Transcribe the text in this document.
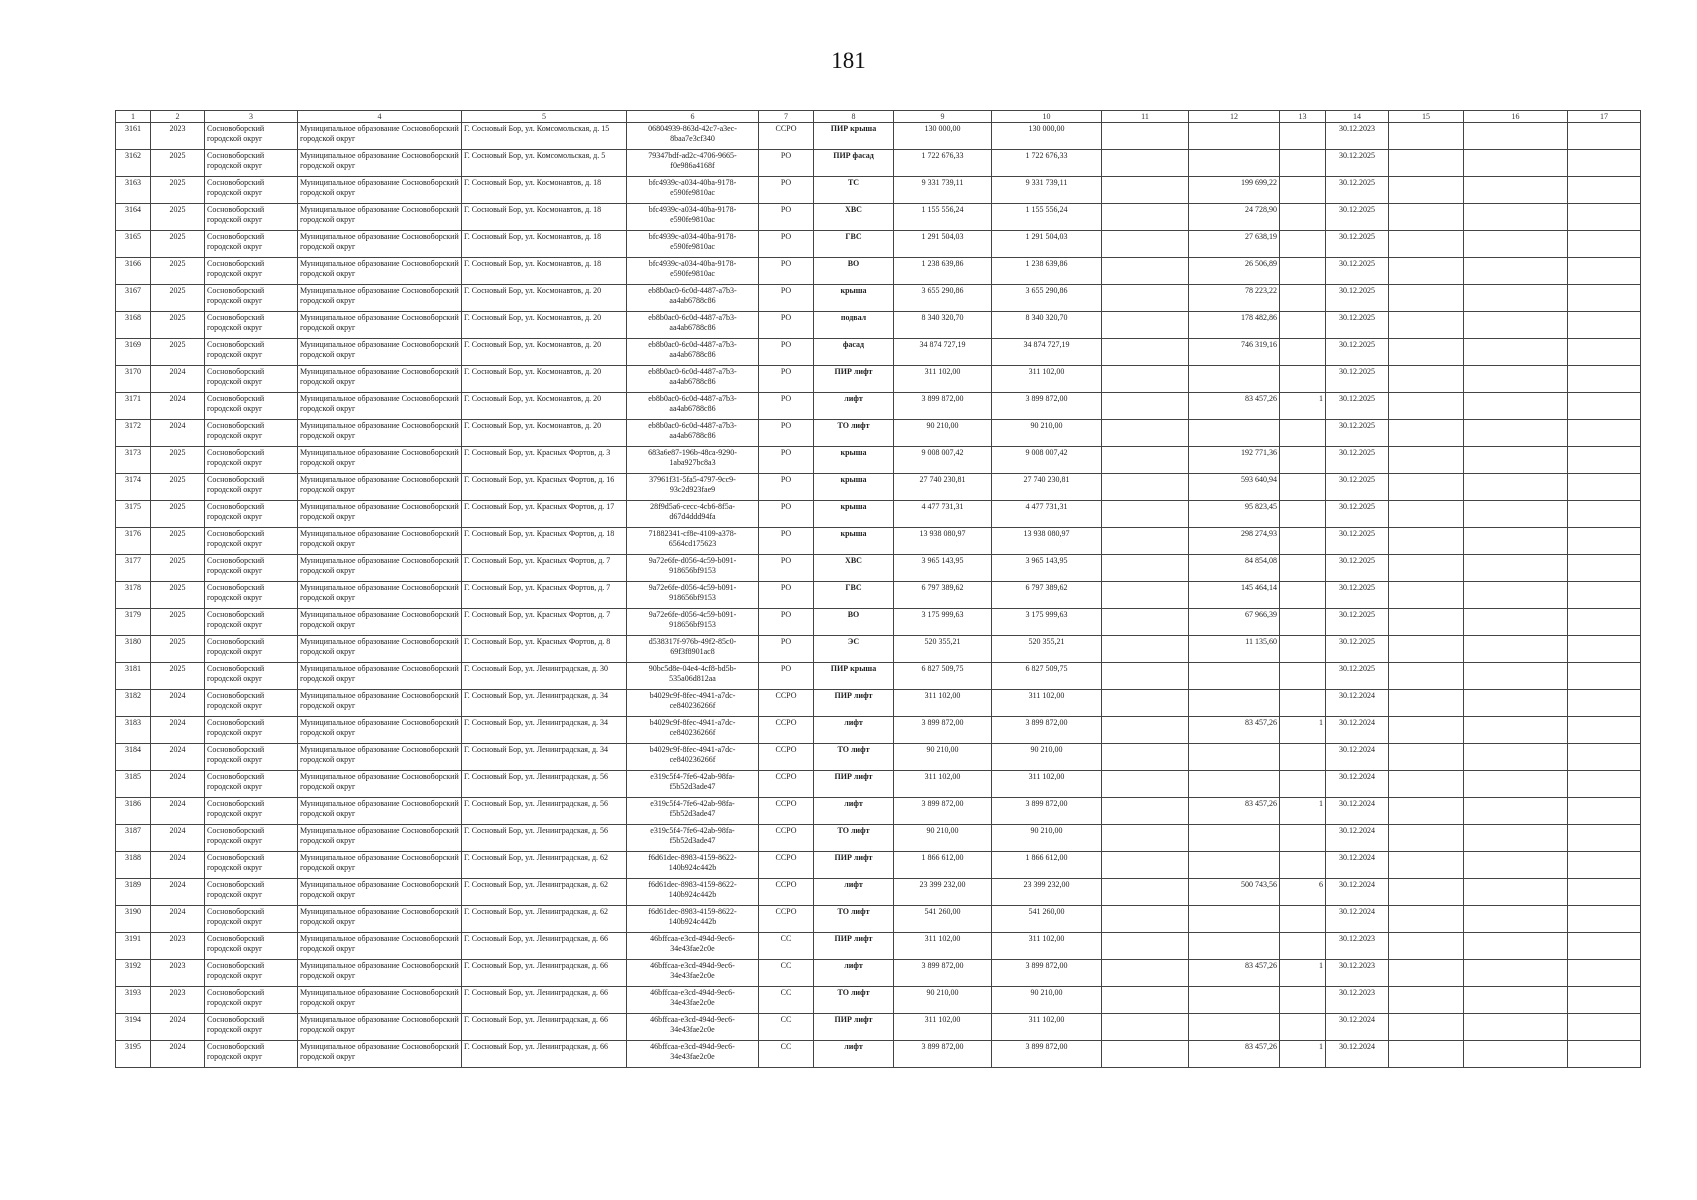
181
1	2	3	4	5	6	7	8	9	10	11	12	13	14	15	16	17
3161	2023	Сосновоборский городской округ	Муниципальное образование Сосновоборский городской округ	Г. Сосновый Бор, ул. Комсомольская, д. 15	06804939-863d-42c7-a3ec-8baa7e3cf340	ССРО	ПИР крыша	130 000,00	130 000,00				30.12.2023			
3162	2025	Сосновоборский городской округ	Муниципальное образование Сосновоборский городской округ	Г. Сосновый Бор, ул. Комсомольская, д. 5	79347bdf-ad2c-4706-9665-f0e986a4168f	РО	ПИР фасад	1 722 676,33	1 722 676,33				30.12.2025			
3163	2025	Сосновоборский городской округ	Муниципальное образование Сосновоборский городской округ	Г. Сосновый Бор, ул. Космонавтов, д. 18	bfc4939c-a034-40ba-9178-e590fe9810ac	РО	ТС	9 331 739,11	9 331 739,11		199 699,22		30.12.2025			
3164	2025	Сосновоборский городской округ	Муниципальное образование Сосновоборский городской округ	Г. Сосновый Бор, ул. Космонавтов, д. 18	bfc4939c-a034-40ba-9178-e590fe9810ac	РО	ХВС	1 155 556,24	1 155 556,24		24 728,90		30.12.2025			
3165	2025	Сосновоборский городской округ	Муниципальное образование Сосновоборский городской округ	Г. Сосновый Бор, ул. Космонавтов, д. 18	bfc4939c-a034-40ba-9178-e590fe9810ac	РО	ГВС	1 291 504,03	1 291 504,03		27 638,19		30.12.2025			
3166	2025	Сосновоборский городской округ	Муниципальное образование Сосновоборский городской округ	Г. Сосновый Бор, ул. Космонавтов, д. 18	bfc4939c-a034-40ba-9178-e590fe9810ac	РО	ВО	1 238 639,86	1 238 639,86		26 506,89		30.12.2025			
3167	2025	Сосновоборский городской округ	Муниципальное образование Сосновоборский городской округ	Г. Сосновый Бор, ул. Космонавтов, д. 20	eb8b0ac0-6c0d-4487-a7b3-aa4ab6788c86	РО	крыша	3 655 290,86	3 655 290,86		78 223,22		30.12.2025			
3168	2025	Сосновоборский городской округ	Муниципальное образование Сосновоборский городской округ	Г. Сосновый Бор, ул. Космонавтов, д. 20	eb8b0ac0-6c0d-4487-a7b3-aa4ab6788c86	РО	подвал	8 340 320,70	8 340 320,70		178 482,86		30.12.2025			
3169	2025	Сосновоборский городской округ	Муниципальное образование Сосновоборский городской округ	Г. Сосновый Бор, ул. Космонавтов, д. 20	eb8b0ac0-6c0d-4487-a7b3-aa4ab6788c86	РО	фасад	34 874 727,19	34 874 727,19		746 319,16		30.12.2025			
3170	2024	Сосновоборский городской округ	Муниципальное образование Сосновоборский городской округ	Г. Сосновый Бор, ул. Космонавтов, д. 20	eb8b0ac0-6c0d-4487-a7b3-aa4ab6788c86	РО	ПИР лифт	311 102,00	311 102,00				30.12.2025			
3171	2024	Сосновоборский городской округ	Муниципальное образование Сосновоборский городской округ	Г. Сосновый Бор, ул. Космонавтов, д. 20	eb8b0ac0-6c0d-4487-a7b3-aa4ab6788c86	РО	лифт	3 899 872,00	3 899 872,00		83 457,26	1	30.12.2025			
3172	2024	Сосновоборский городской округ	Муниципальное образование Сосновоборский городской округ	Г. Сосновый Бор, ул. Космонавтов, д. 20	eb8b0ac0-6c0d-4487-a7b3-aa4ab6788c86	РО	ТО лифт	90 210,00	90 210,00				30.12.2025			
3173	2025	Сосновоборский городской округ	Муниципальное образование Сосновоборский городской округ	Г. Сосновый Бор, ул. Красных Фортов, д. 3	683a6e87-196b-48ca-9290-1aba927bc8a3	РО	крыша	9 008 007,42	9 008 007,42		192 771,36		30.12.2025			
3174	2025	Сосновоборский городской округ	Муниципальное образование Сосновоборский городской округ	Г. Сосновый Бор, ул. Красных Фортов, д. 16	37961f31-5fa5-4797-9cc9-93c2d923fae9	РО	крыша	27 740 230,81	27 740 230,81		593 640,94		30.12.2025			
3175	2025	Сосновоборский городской округ	Муниципальное образование Сосновоборский городской округ	Г. Сосновый Бор, ул. Красных Фортов, д. 17	28f9d5a6-cecc-4cb6-8f5a-d67d4ddd94fa	РО	крыша	4 477 731,31	4 477 731,31		95 823,45		30.12.2025			
3176	2025	Сосновоборский городской округ	Муниципальное образование Сосновоборский городской округ	Г. Сосновый Бор, ул. Красных Фортов, д. 18	71882341-cf8e-4109-a378-6564cd175623	РО	крыша	13 938 080,97	13 938 080,97		298 274,93		30.12.2025			
3177	2025	Сосновоборский городской округ	Муниципальное образование Сосновоборский городской округ	Г. Сосновый Бор, ул. Красных Фортов, д. 7	9a72e6fe-d056-4c59-b091-918656bf9153	РО	ХВС	3 965 143,95	3 965 143,95		84 854,08		30.12.2025			
3178	2025	Сосновоборский городской округ	Муниципальное образование Сосновоборский городской округ	Г. Сосновый Бор, ул. Красных Фортов, д. 7	9a72e6fe-d056-4c59-b091-918656bf9153	РО	ГВС	6 797 389,62	6 797 389,62		145 464,14		30.12.2025			
3179	2025	Сосновоборский городской округ	Муниципальное образование Сосновоборский городской округ	Г. Сосновый Бор, ул. Красных Фортов, д. 7	9a72e6fe-d056-4c59-b091-918656bf9153	РО	ВО	3 175 999,63	3 175 999,63		67 966,39		30.12.2025			
3180	2025	Сосновоборский городской округ	Муниципальное образование Сосновоборский городской округ	Г. Сосновый Бор, ул. Красных Фортов, д. 8	d538317f-976b-49f2-85c0-69f3f8901ac8	РО	ЭС	520 355,21	520 355,21		11 135,60		30.12.2025			
3181	2025	Сосновоборский городской округ	Муниципальное образование Сосновоборский городской округ	Г. Сосновый Бор, ул. Ленинградская, д. 30	90bc5d8e-04e4-4cf8-bd5b-535a06d812aa	РО	ПИР крыша	6 827 509,75	6 827 509,75				30.12.2025			
3182	2024	Сосновоборский городской округ	Муниципальное образование Сосновоборский городской округ	Г. Сосновый Бор, ул. Ленинградская, д. 34	b4029c9f-8fec-4941-a7dc-ce840236266f	ССРО	ПИР лифт	311 102,00	311 102,00				30.12.2024			
3183	2024	Сосновоборский городской округ	Муниципальное образование Сосновоборский городской округ	Г. Сосновый Бор, ул. Ленинградская, д. 34	b4029c9f-8fec-4941-a7dc-ce840236266f	ССРО	лифт	3 899 872,00	3 899 872,00		83 457,26	1	30.12.2024			
3184	2024	Сосновоборский городской округ	Муниципальное образование Сосновоборский городской округ	Г. Сосновый Бор, ул. Ленинградская, д. 34	b4029c9f-8fec-4941-a7dc-ce840236266f	ССРО	ТО лифт	90 210,00	90 210,00				30.12.2024			
3185	2024	Сосновоборский городской округ	Муниципальное образование Сосновоборский городской округ	Г. Сосновый Бор, ул. Ленинградская, д. 56	e319c5f4-7fe6-42ab-98fa-f5b52d3ade47	ССРО	ПИР лифт	311 102,00	311 102,00				30.12.2024			
3186	2024	Сосновоборский городской округ	Муниципальное образование Сосновоборский городской округ	Г. Сосновый Бор, ул. Ленинградская, д. 56	e319c5f4-7fe6-42ab-98fa-f5b52d3ade47	ССРО	лифт	3 899 872,00	3 899 872,00		83 457,26	1	30.12.2024			
3187	2024	Сосновоборский городской округ	Муниципальное образование Сосновоборский городской округ	Г. Сосновый Бор, ул. Ленинградская, д. 56	e319c5f4-7fe6-42ab-98fa-f5b52d3ade47	ССРО	ТО лифт	90 210,00	90 210,00				30.12.2024			
3188	2024	Сосновоборский городской округ	Муниципальное образование Сосновоборский городской округ	Г. Сосновый Бор, ул. Ленинградская, д. 62	f6d61dec-8983-4159-8622-140b924c442b	ССРО	ПИР лифт	1 866 612,00	1 866 612,00				30.12.2024			
3189	2024	Сосновоборский городской округ	Муниципальное образование Сосновоборский городской округ	Г. Сосновый Бор, ул. Ленинградская, д. 62	f6d61dec-8983-4159-8622-140b924c442b	ССРО	лифт	23 399 232,00	23 399 232,00		500 743,56	6	30.12.2024			
3190	2024	Сосновоборский городской округ	Муниципальное образование Сосновоборский городской округ	Г. Сосновый Бор, ул. Ленинградская, д. 62	f6d61dec-8983-4159-8622-140b924c442b	ССРО	ТО лифт	541 260,00	541 260,00				30.12.2024			
3191	2023	Сосновоборский городской округ	Муниципальное образование Сосновоборский городской округ	Г. Сосновый Бор, ул. Ленинградская, д. 66	46bffcaa-e3cd-494d-9ec6-34e43fae2c0e	СС	ПИР лифт	311 102,00	311 102,00				30.12.2023			
3192	2023	Сосновоборский городской округ	Муниципальное образование Сосновоборский городской округ	Г. Сосновый Бор, ул. Ленинградская, д. 66	46bffcaa-e3cd-494d-9ec6-34e43fae2c0e	СС	лифт	3 899 872,00	3 899 872,00		83 457,26	1	30.12.2023			
3193	2023	Сосновоборский городской округ	Муниципальное образование Сосновоборский городской округ	Г. Сосновый Бор, ул. Ленинградская, д. 66	46bffcaa-e3cd-494d-9ec6-34e43fae2c0e	СС	ТО лифт	90 210,00	90 210,00				30.12.2023			
3194	2024	Сосновоборский городской округ	Муниципальное образование Сосновоборский городской округ	Г. Сосновый Бор, ул. Ленинградская, д. 66	46bffcaa-e3cd-494d-9ec6-34e43fae2c0e	СС	ПИР лифт	311 102,00	311 102,00				30.12.2024			
3195	2024	Сосновоборский городской округ	Муниципальное образование Сосновоборский городской округ	Г. Сосновый Бор, ул. Ленинградская, д. 66	46bffcaa-e3cd-494d-9ec6-34e43fae2c0e	СС	лифт	3 899 872,00	3 899 872,00		83 457,26	1	30.12.2024			
